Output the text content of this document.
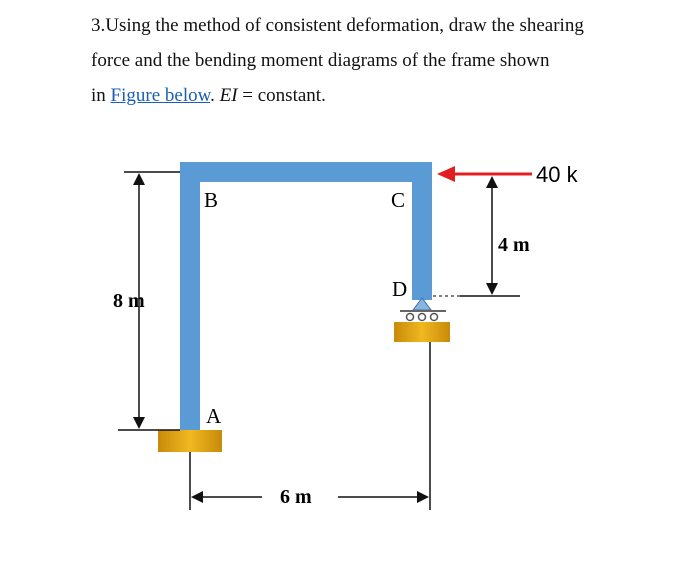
3.Using the method of consistent deformation, draw the shearing
force and the bending moment diagrams of the frame shown
in Figure below. EI = constant.
B	C
D
A
40 k
8 m
4 m
6 m
